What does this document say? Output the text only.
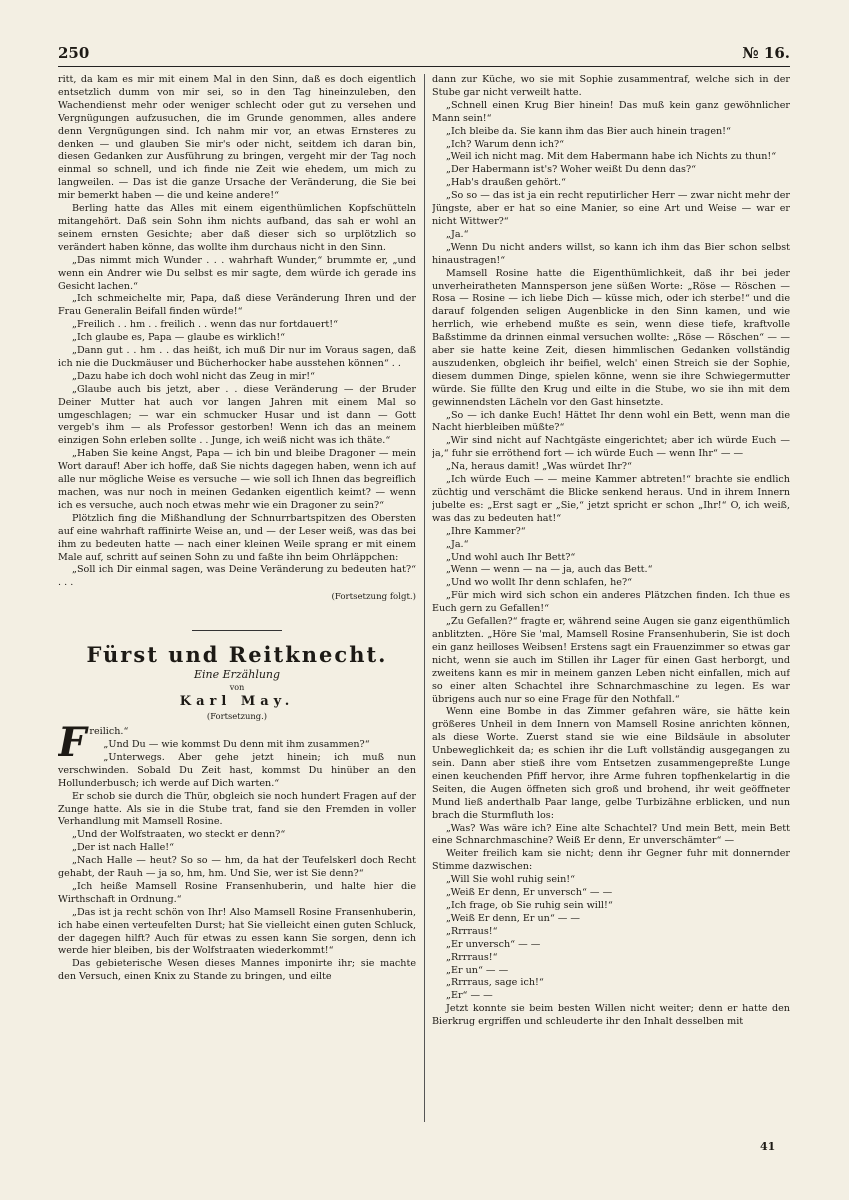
250	№ 16.

ritt, da kam es mir mit einem Mal in den Sinn, daß es doch eigentlich entsetzlich dumm von mir sei, so in den Tag hineinzuleben, den Wachendienst mehr oder weniger schlecht oder gut zu versehen und Vergnügungen aufzusuchen, die im Grunde genommen, alles andere denn Vergnügungen sind. Ich nahm mir vor, an etwas Ernsteres zu denken — und glauben Sie mir's oder nicht, seitdem ich daran bin, diesen Gedanken zur Ausführung zu bringen, vergeht mir der Tag noch einmal so schnell, und ich finde nie Zeit wie ehedem, um mich zu langweilen. — Das ist die ganze Ursache der Veränderung, die Sie bei mir bemerkt haben — die und keine andere!“

Berling hatte das Alles mit einem eigenthümlichen Kopfschütteln mitangehört. Daß sein Sohn ihm nichts aufband, das sah er wohl an seinem ernsten Gesichte; aber daß dieser sich so urplötzlich so verändert haben könne, das wollte ihm durchaus nicht in den Sinn.

„Das nimmt mich Wunder . . . wahrhaft Wunder,“ brummte er, „und wenn ein Andrer wie Du selbst es mir sagte, dem würde ich gerade ins Gesicht lachen.“

„Ich schmeichelte mir, Papa, daß diese Veränderung Ihren und der Frau Generalin Beifall finden würde!“

„Freilich . . hm . . freilich . . wenn das nur fortdauert!“

„Ich glaube es, Papa — glaube es wirklich!“

„Dann gut . . hm . . das heißt, ich muß Dir nur im Voraus sagen, daß ich nie die Duckmäuser und Bücherhocker habe ausstehen können“ . .

„Dazu habe ich doch wohl nicht das Zeug in mir!“

„Glaube auch bis jetzt, aber . . diese Veränderung — der Bruder Deiner Mutter hat auch vor langen Jahren mit einem Mal so umgeschlagen; — war ein schmucker Husar und ist dann — Gott vergeb's ihm — als Professor gestorben! Wenn ich das an meinem einzigen Sohn erleben sollte . . Junge, ich weiß nicht was ich thäte.“

„Haben Sie keine Angst, Papa — ich bin und bleibe Dragoner — mein Wort darauf! Aber ich hoffe, daß Sie nichts dagegen haben, wenn ich auf alle nur mögliche Weise es versuche — wie soll ich Ihnen das begreiflich machen, was nur noch in meinen Gedanken eigentlich keimt? — wenn ich es versuche, auch noch etwas mehr wie ein Dragoner zu sein?“

Plötzlich fing die Mißhandlung der Schnurrbartspitzen des Obersten auf eine wahrhaft raffinirte Weise an, und — der Leser weiß, was das bei ihm zu bedeuten hatte — nach einer kleinen Weile sprang er mit einem Male auf, schritt auf seinen Sohn zu und faßte ihn beim Ohrläppchen:

„Soll ich Dir einmal sagen, was Deine Veränderung zu bedeuten hat?“ . . .

(Fortsetzung folgt.)
Fürst und Reitknecht.
Eine Erzählung
von
Karl May.
(Fortsetzung.)

Freilich.“

„Und Du — wie kommst Du denn mit ihm zusammen?“

„Unterwegs. Aber gehe jetzt hinein; ich muß nun verschwinden. Sobald Du Zeit hast, kommst Du hinüber an den Hollunderbusch; ich werde auf Dich warten.“

Er schob sie durch die Thür, obgleich sie noch hundert Fragen auf der Zunge hatte. Als sie in die Stube trat, fand sie den Fremden in voller Verhandlung mit Mamsell Rosine.

„Und der Wolfstraaten, wo steckt er denn?“

„Der ist nach Halle!“

„Nach Halle — heut? So so — hm, da hat der Teufelskerl doch Recht gehabt, der Rauh — ja so, hm, hm. Und Sie, wer ist Sie denn?“

„Ich heiße Mamsell Rosine Fransenhuberin, und halte hier die Wirthschaft in Ordnung.“

„Das ist ja recht schön von Ihr! Also Mamsell Rosine Fransenhuberin, ich habe einen verteufelten Durst; hat Sie vielleicht einen guten Schluck, der dagegen hilft? Auch für etwas zu essen kann Sie sorgen, denn ich werde hier bleiben, bis der Wolfstraaten wiederkommt!“

Das gebieterische Wesen dieses Mannes imponirte ihr; sie machte den Versuch, einen Knix zu Stande zu bringen, und eilte

dann zur Küche, wo sie mit Sophie zusammentraf, welche sich in der Stube gar nicht verweilt hatte.

„Schnell einen Krug Bier hinein! Das muß kein ganz gewöhnlicher Mann sein!“

„Ich bleibe da. Sie kann ihm das Bier auch hinein tragen!“

„Ich? Warum denn ich?“

„Weil ich nicht mag. Mit dem Habermann habe ich Nichts zu thun!“

„Der Habermann ist's? Woher weißt Du denn das?“

„Hab's draußen gehört.“

„So so — das ist ja ein recht reputirlicher Herr — zwar nicht mehr der Jüngste, aber er hat so eine Manier, so eine Art und Weise — war er nicht Wittwer?“

„Ja.“

„Wenn Du nicht anders willst, so kann ich ihm das Bier schon selbst hinaustragen!“

Mamsell Rosine hatte die Eigenthümlichkeit, daß ihr bei jeder unverheiratheten Mannsperson jene süßen Worte: „Röse — Röschen — Rosa — Rosine — ich liebe Dich — küsse mich, oder ich sterbe!“ und die darauf folgenden seligen Augenblicke in den Sinn kamen, und wie herrlich, wie erhebend mußte es sein, wenn diese tiefe, kraftvolle Baßstimme da drinnen einmal versuchen wollte: „Röse — Röschen“ — — aber sie hatte keine Zeit, diesen himmlischen Gedanken vollständig auszudenken, obgleich ihr beifiel, welch' einen Streich sie der Sophie, diesem dummen Dinge, spielen könne, wenn sie ihre Schwiegermutter würde. Sie füllte den Krug und eilte in die Stube, wo sie ihn mit dem gewinnendsten Lächeln vor den Gast hinsetzte.

„So — ich danke Euch! Hättet Ihr denn wohl ein Bett, wenn man die Nacht hierbleiben müßte?“

„Wir sind nicht auf Nachtgäste eingerichtet; aber ich würde Euch — ja,“ fuhr sie erröthend fort — ich würde Euch — wenn Ihr“ — —

„Na, heraus damit! „Was würdet Ihr?“

„Ich würde Euch — — meine Kammer abtreten!“ brachte sie endlich züchtig und verschämt die Blicke senkend heraus. Und in ihrem Innern jubelte es: „Erst sagt er „Sie,“ jetzt spricht er schon „Ihr!“ O, ich weiß, was das zu bedeuten hat!“

„Ihre Kammer?“

„Ja.“

„Und wohl auch Ihr Bett?“

„Wenn — wenn — na — ja, auch das Bett.“

„Und wo wollt Ihr denn schlafen, he?“

„Für mich wird sich schon ein anderes Plätzchen finden. Ich thue es Euch gern zu Gefallen!“

„Zu Gefallen?“ fragte er, während seine Augen sie ganz eigenthümlich anblitzten. „Höre Sie 'mal, Mamsell Rosine Fransenhuberin, Sie ist doch ein ganz heilloses Weibsen! Erstens sagt ein Frauenzimmer so etwas gar nicht, wenn sie auch im Stillen ihr Lager für einen Gast herborgt, und zweitens kann es mir in meinem ganzen Leben nicht einfallen, mich auf so einer alten Schachtel ihre Schnarchmaschine zu legen. Es war übrigens auch nur so eine Frage für den Nothfall.“

Wenn eine Bombe in das Zimmer gefahren wäre, sie hätte kein größeres Unheil in dem Innern von Mamsell Rosine anrichten können, als diese Worte. Zuerst stand sie wie eine Bildsäule in absoluter Unbeweglichkeit da; es schien ihr die Luft vollständig ausgegangen zu sein. Dann aber stieß ihre vom Entsetzen zusammengepreßte Lunge einen keuchenden Pfiff hervor, ihre Arme fuhren topfhenkelartig in die Seiten, die Augen öffneten sich groß und brohend, ihr weit geöffneter Mund ließ anderthalb Paar lange, gelbe Turbizähne erblicken, und nun brach die Sturmfluth los:

„Was? Was wäre ich? Eine alte Schachtel? Und mein Bett, mein Bett eine Schnarchmaschine? Weiß Er denn, Er unverschämter“ —

Weiter freilich kam sie nicht; denn ihr Gegner fuhr mit donnernder Stimme dazwischen:

„Will Sie wohl ruhig sein!“

„Weiß Er denn, Er unversch“ — —

„Ich frage, ob Sie ruhig sein will!“

„Weiß Er denn, Er un“ — —

„Rrrraus!“

„Er unversch“ — —

„Rrrraus!“

„Er un“ — —

„Rrrraus, sage ich!“

„Er“ — —

Jetzt konnte sie beim besten Willen nicht weiter; denn er hatte den Bierkrug ergriffen und schleuderte ihr den Inhalt desselben mit

41
